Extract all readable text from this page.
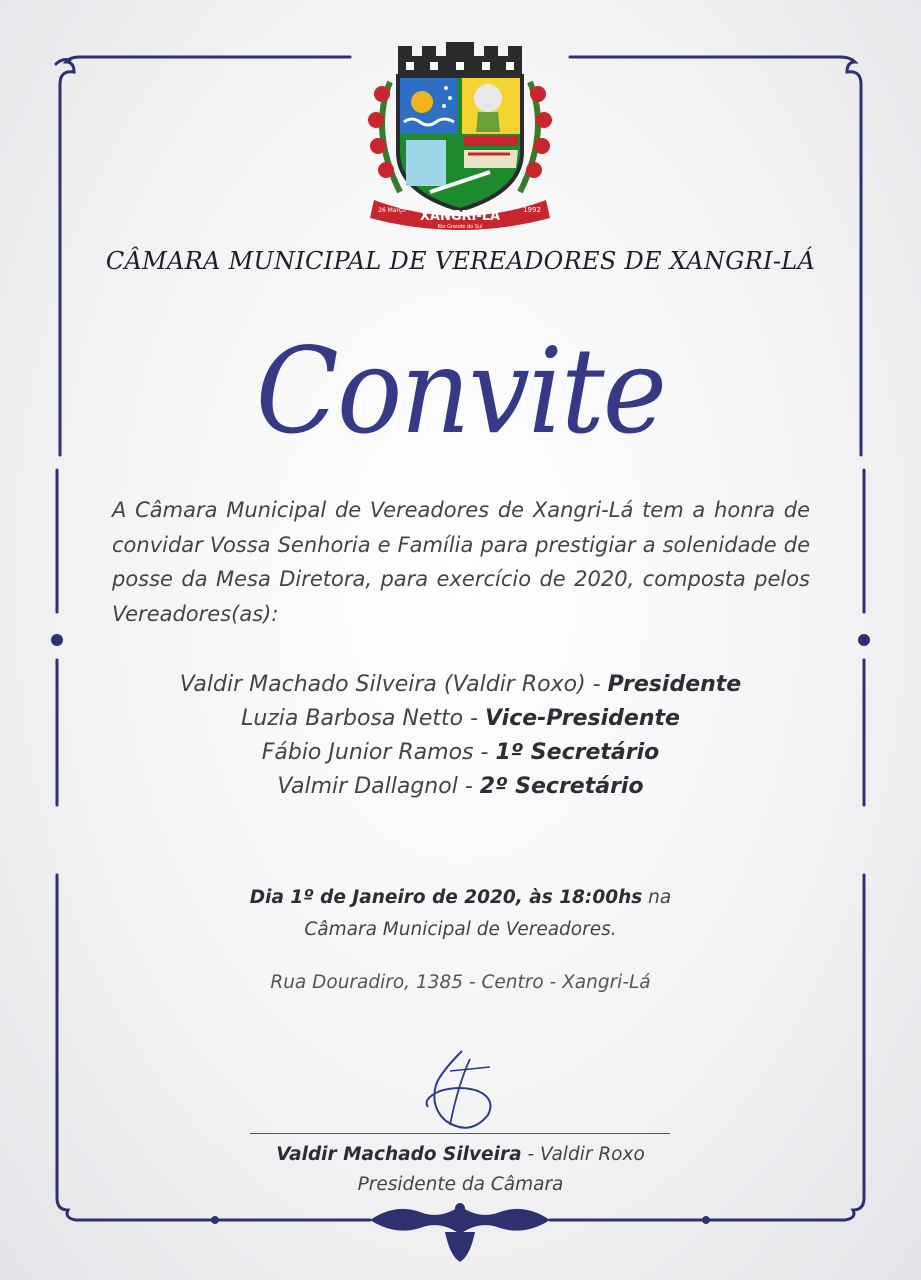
XANGRI-LÁ
Rio Grande do Sul
26 Março	1992
CÂMARA MUNICIPAL DE VEREADORES DE XANGRI-LÁ
Convite

A Câmara Municipal de Vereadores de Xangri-Lá tem a honra de convidar Vossa Senhoria e Família para prestigiar a solenidade de posse da Mesa Diretora, para exercício de 2020, composta pelos Vereadores(as):

Valdir Machado Silveira (Valdir Roxo) - Presidente
Luzia Barbosa Netto - Vice-Presidente
Fábio Junior Ramos - 1º Secretário
Valmir Dallagnol - 2º Secretário
Dia 1º de Janeiro de 2020, às 18:00hs na
Câmara Municipal de Vereadores.
Rua Douradiro, 1385 - Centro - Xangri-Lá
Valdir Machado Silveira - Valdir Roxo
Presidente da Câmara
